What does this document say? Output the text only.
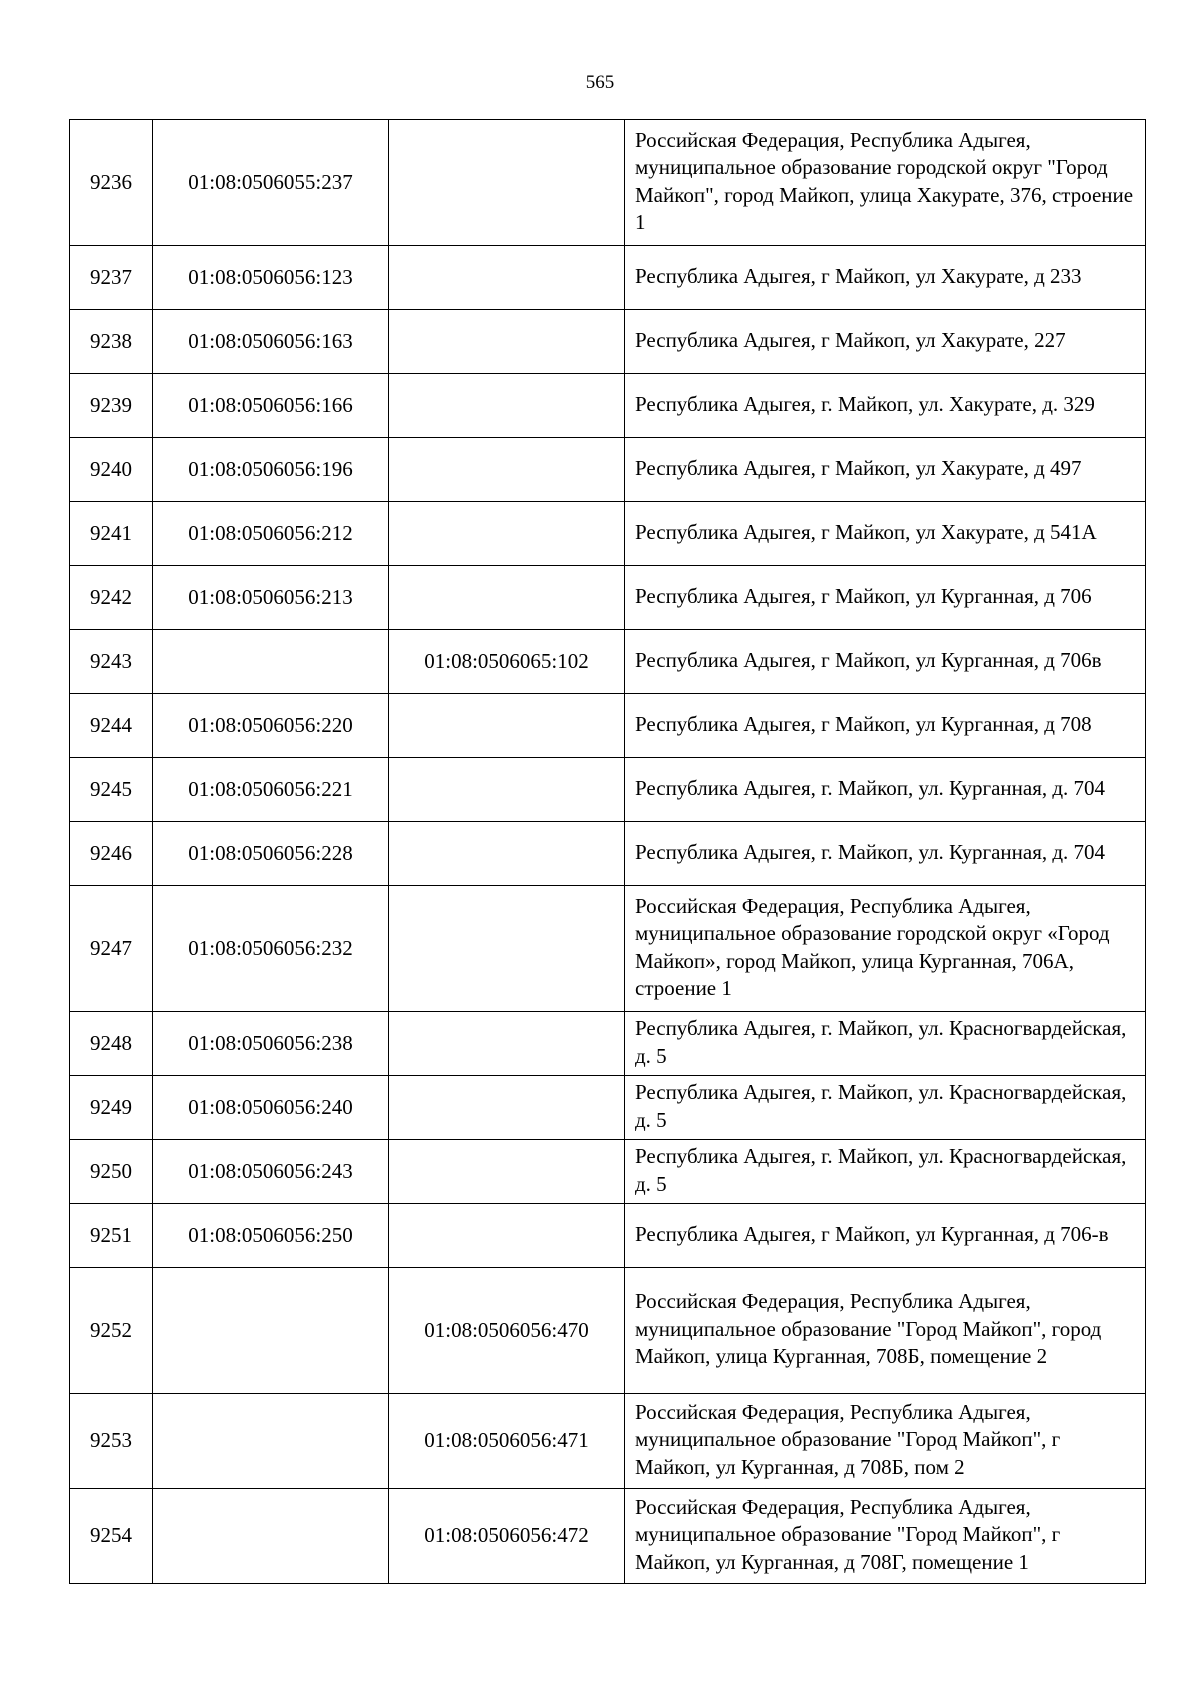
565
9236	01:08:0506055:237		Российская Федерация, Республика Адыгея, муниципальное образование городской округ "Город Майкоп", город Майкоп, улица Хакурате, 376, строение 1
9237	01:08:0506056:123		Республика Адыгея, г Майкоп, ул Хакурате, д 233
9238	01:08:0506056:163		Республика Адыгея, г Майкоп, ул Хакурате, 227
9239	01:08:0506056:166		Республика Адыгея, г. Майкоп, ул. Хакурате, д. 329
9240	01:08:0506056:196		Республика Адыгея, г Майкоп, ул Хакурате, д 497
9241	01:08:0506056:212		Республика Адыгея, г Майкоп, ул Хакурате, д 541А
9242	01:08:0506056:213		Республика Адыгея, г Майкоп, ул Курганная, д 706
9243		01:08:0506065:102	Республика Адыгея, г Майкоп, ул Курганная, д 706в
9244	01:08:0506056:220		Республика Адыгея, г Майкоп, ул Курганная, д 708
9245	01:08:0506056:221		Республика Адыгея, г. Майкоп, ул. Курганная, д. 704
9246	01:08:0506056:228		Республика Адыгея, г. Майкоп, ул. Курганная, д. 704
9247	01:08:0506056:232		Российская Федерация, Республика Адыгея, муниципальное образование городской округ «Город Майкоп», город Майкоп, улица Курганная, 706А, строение 1
9248	01:08:0506056:238		Республика Адыгея, г. Майкоп, ул. Красногвардейская, д. 5
9249	01:08:0506056:240		Республика Адыгея, г. Майкоп, ул. Красногвардейская, д. 5
9250	01:08:0506056:243		Республика Адыгея, г. Майкоп, ул. Красногвардейская, д. 5
9251	01:08:0506056:250		Республика Адыгея, г Майкоп, ул Курганная, д 706-в
9252		01:08:0506056:470	Российская Федерация, Республика Адыгея, муниципальное образование "Город Майкоп", город Майкоп, улица Курганная, 708Б, помещение 2
9253		01:08:0506056:471	Российская Федерация, Республика Адыгея, муниципальное образование "Город Майкоп", г Майкоп, ул Курганная, д 708Б, пом 2
9254		01:08:0506056:472	Российская Федерация, Республика Адыгея, муниципальное образование "Город Майкоп", г Майкоп, ул Курганная, д 708Г, помещение 1
